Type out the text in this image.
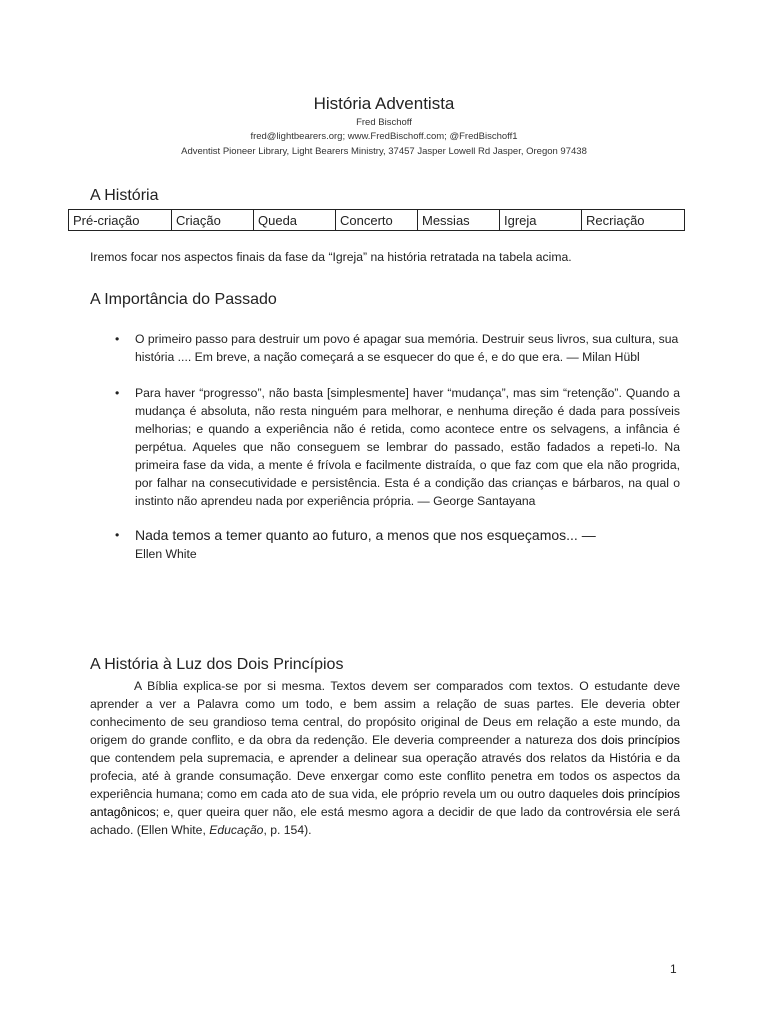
História Adventista
Fred Bischoff
fred@lightbearers.org; www.FredBischoff.com; @FredBischoff1
Adventist Pioneer Library, Light Bearers Ministry, 37457 Jasper Lowell Rd Jasper, Oregon 97438
A História
Pré-criação	Criação	Queda	Concerto	Messias	Igreja	Recriação
Iremos focar nos aspectos finais da fase da “Igreja” na história retratada na tabela acima.
A Importância do Passado
• O primeiro passo para destruir um povo é apagar sua memória. Destruir seus livros, sua cultura, sua história .... Em breve, a nação começará a se esquecer do que é, e do que era. — Milan Hübl
• Para haver “progresso”, não basta [simplesmente] haver “mudança”, mas sim “retenção”. Quando a mudança é absoluta, não resta ninguém para melhorar, e nenhuma direção é dada para possíveis melhorias; e quando a experiência não é retida, como acontece entre os selvagens, a infância é perpétua. Aqueles que não conseguem se lembrar do passado, estão fadados a repeti-lo. Na primeira fase da vida, a mente é frívola e facilmente distraída, o que faz com que ela não progrida, por falhar na consecutividade e persistência. Esta é a condição das crianças e bárbaros, na qual o instinto não aprendeu nada por experiência própria. — George Santayana
• Nada temos a temer quanto ao futuro, a menos que nos esqueçamos... —
Ellen White
A História à Luz dos Dois Princípios
A Bíblia explica-se por si mesma. Textos devem ser comparados com textos. O estudante deve aprender a ver a Palavra como um todo, e bem assim a relação de suas partes. Ele deveria obter conhecimento de seu grandioso tema central, do propósito original de Deus em relação a este mundo, da origem do grande conflito, e da obra da redenção. Ele deveria compreender a natureza dos dois princípios que contendem pela supremacia, e aprender a delinear sua operação através dos relatos da História e da profecia, até à grande consumação. Deve enxergar como este conflito penetra em todos os aspectos da experiência humana; como em cada ato de sua vida, ele próprio revela um ou outro daqueles dois princípios antagônicos; e, quer queira quer não, ele está mesmo agora a decidir de que lado da controvérsia ele será achado. (Ellen White, Educação, p. 154).
1
